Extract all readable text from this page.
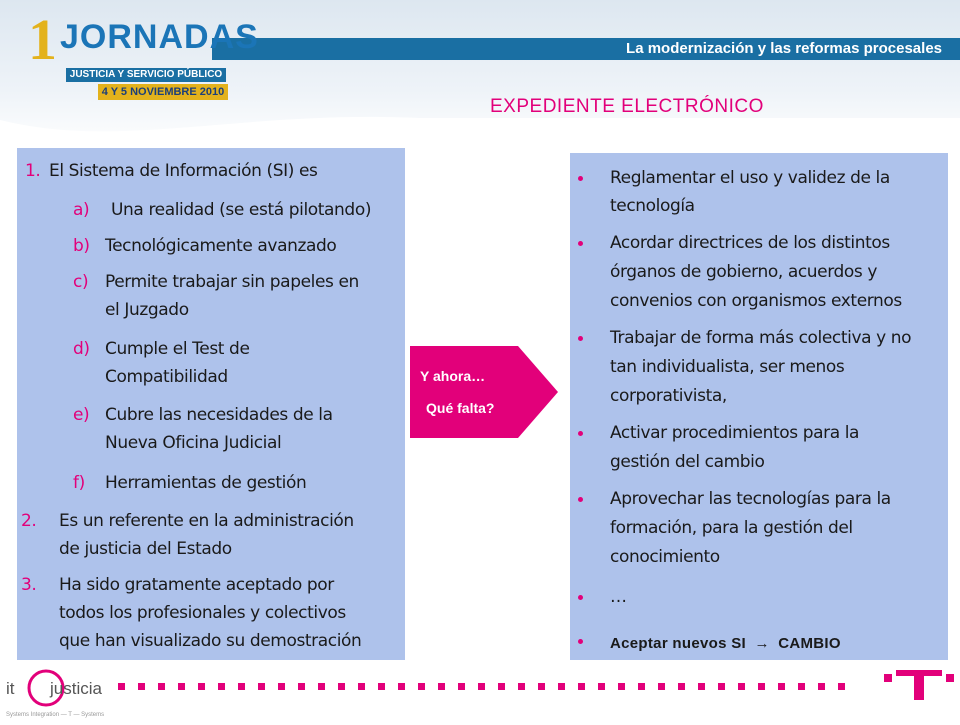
La modernización y las reformas procesales
1 JORNADAS
JUSTICIA Y SERVICIO PÚBLICO
4 Y 5 NOVIEMBRE 2010
EXPEDIENTE ELECTRÓNICO
1. El Sistema de Información (SI) es
a) Una realidad (se está pilotando)
b) Tecnológicamente avanzado
c) Permite trabajar sin papeles en
el Juzgado
d) Cumple el Test de
Compatibilidad
e) Cubre las necesidades de la
Nueva Oficina Judicial
f) Herramientas de gestión
2. Es un referente en la administración
de justicia del Estado
3. Ha sido gratamente aceptado por
todos los profesionales y colectivos
que han visualizado su demostración
Y ahora…
Qué falta?
Reglamentar el uso y validez de la
tecnología
Acordar directrices de los distintos
órganos de gobierno, acuerdos y
convenios con organismos externos
Trabajar de forma más colectiva y no
tan individualista, ser menos
corporativista,
Activar procedimientos para la
gestión del cambio
Aprovechar las tecnologías para la
formación, para la gestión del
conocimiento
…
Aceptar nuevos SI → CAMBIO
it justicia
Systems Integration — T — Systems
